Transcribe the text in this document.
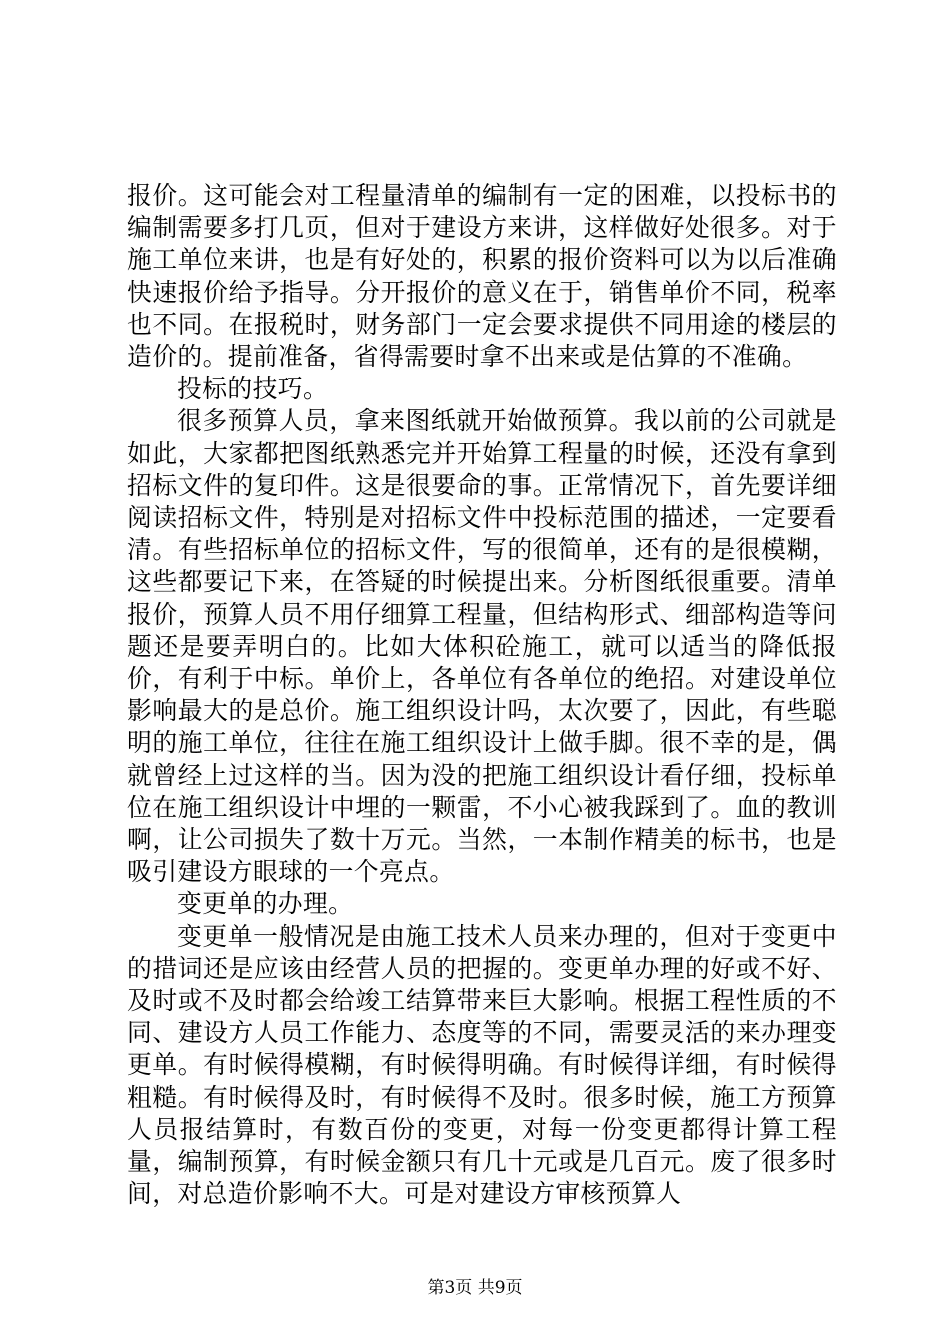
报价。这可能会对工程量清单的编制有一定的困难，以投标书的编制需要多打几页，但对于建设方来讲，这样做好处很多。对于施工单位来讲，也是有好处的，积累的报价资料可以为以后准确快速报价给予指导。分开报价的意义在于，销售单价不同，税率也不同。在报税时，财务部门一定会要求提供不同用途的楼层的造价的。提前准备，省得需要时拿不出来或是估算的不准确。

投标的技巧。

很多预算人员，拿来图纸就开始做预算。我以前的公司就是如此，大家都把图纸熟悉完并开始算工程量的时候，还没有拿到招标文件的复印件。这是很要命的事。正常情况下，首先要详细阅读招标文件，特别是对招标文件中投标范围的描述，一定要看清。有些招标单位的招标文件，写的很简单，还有的是很模糊，这些都要记下来，在答疑的时候提出来。分析图纸很重要。清单报价，预算人员不用仔细算工程量，但结构形式、细部构造等问题还是要弄明白的。比如大体积砼施工，就可以适当的降低报价，有利于中标。单价上，各单位有各单位的绝招。对建设单位影响最大的是总价。施工组织设计吗，太次要了，因此，有些聪明的施工单位，往往在施工组织设计上做手脚。很不幸的是，偶就曾经上过这样的当。因为没的把施工组织设计看仔细，投标单位在施工组织设计中埋的一颗雷，不小心被我踩到了。血的教训啊，让公司损失了数十万元。当然，一本制作精美的标书，也是吸引建设方眼球的一个亮点。

变更单的办理。

变更单一般情况是由施工技术人员来办理的，但对于变更中的措词还是应该由经营人员的把握的。变更单办理的好或不好、及时或不及时都会给竣工结算带来巨大影响。根据工程性质的不同、建设方人员工作能力、态度等的不同，需要灵活的来办理变更单。有时候得模糊，有时候得明确。有时候得详细，有时候得粗糙。有时候得及时，有时候得不及时。很多时候，施工方预算人员报结算时，有数百份的变更，对每一份变更都得计算工程量，编制预算，有时候金额只有几十元或是几百元。废了很多时间，对总造价影响不大。可是对建设方审核预算人

第3页 共9页
